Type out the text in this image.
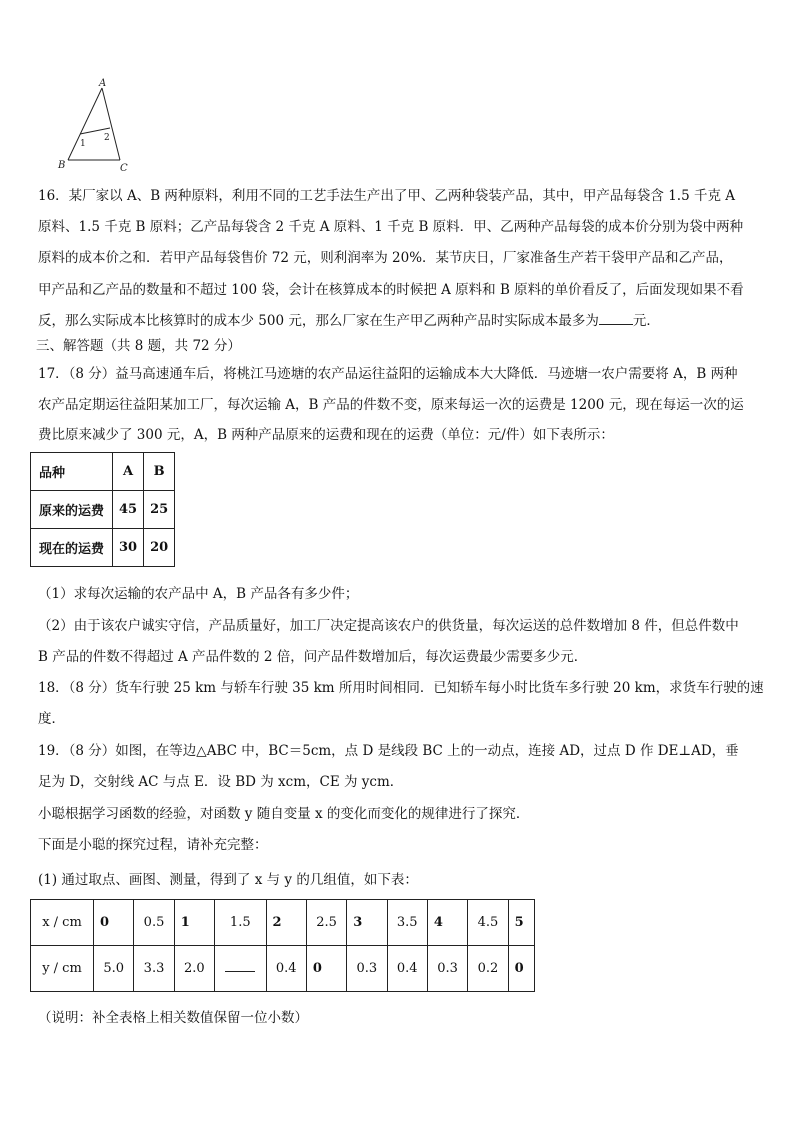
A
B	C
1
2
16．某厂家以 A、B 两种原料，利用不同的工艺手法生产出了甲、乙两种袋装产品，其中，甲产品每袋含 1.5 千克 A
原料、1.5 千克 B 原料；乙产品每袋含 2 千克 A 原料、1 千克 B 原料．甲、乙两种产品每袋的成本价分别为袋中两种
原料的成本价之和．若甲产品每袋售价 72 元，则利润率为 20%．某节庆日，厂家准备生产若干袋甲产品和乙产品，
甲产品和乙产品的数量和不超过 100 袋，会计在核算成本的时候把 A 原料和 B 原料的单价看反了，后面发现如果不看
反，那么实际成本比核算时的成本少 500 元，那么厂家在生产甲乙两种产品时实际成本最多为	元．
三、解答题（共 8 题，共 72 分）
17．（8 分）益马高速通车后，将桃江马迹塘的农产品运往益阳的运输成本大大降低．马迹塘一农户需要将 A，B 两种
农产品定期运往益阳某加工厂，每次运输 A，B 产品的件数不变，原来每运一次的运费是 1200 元，现在每运一次的运
费比原来减少了 300 元，A，B 两种产品原来的运费和现在的运费（单位：元/件）如下表所示：
品种	A	B
原来的运费	45	25
现在的运费	30	20
（1）求每次运输的农产品中 A，B 产品各有多少件；
（2）由于该农户诚实守信，产品质量好，加工厂决定提高该农户的供货量，每次运送的总件数增加 8 件，但总件数中
B 产品的件数不得超过 A 产品件数的 2 倍，问产品件数增加后，每次运费最少需要多少元．
18．（8 分）货车行驶 25 km 与轿车行驶 35 km 所用时间相同．已知轿车每小时比货车多行驶 20 km，求货车行驶的速
度．
19．（8 分）如图，在等边△ABC 中，BC＝5cm，点 D 是线段 BC 上的一动点，连接 AD，过点 D 作 DE⊥AD，垂
足为 D，交射线 AC 与点 E．设 BD 为 xcm，CE 为 ycm．
小聪根据学习函数的经验，对函数 y 随自变量 x 的变化而变化的规律进行了探究．
下面是小聪的探究过程，请补充完整：
(1) 通过取点、画图、测量，得到了 x 与 y 的几组值，如下表：
x / cm	0	0.5	1	1.5	2	2.5	3	3.5	4	4.5	5
y / cm	5.0	3.3	2.0		0.4	0	0.3	0.4	0.3	0.2	0
（说明：补全表格上相关数值保留一位小数）
